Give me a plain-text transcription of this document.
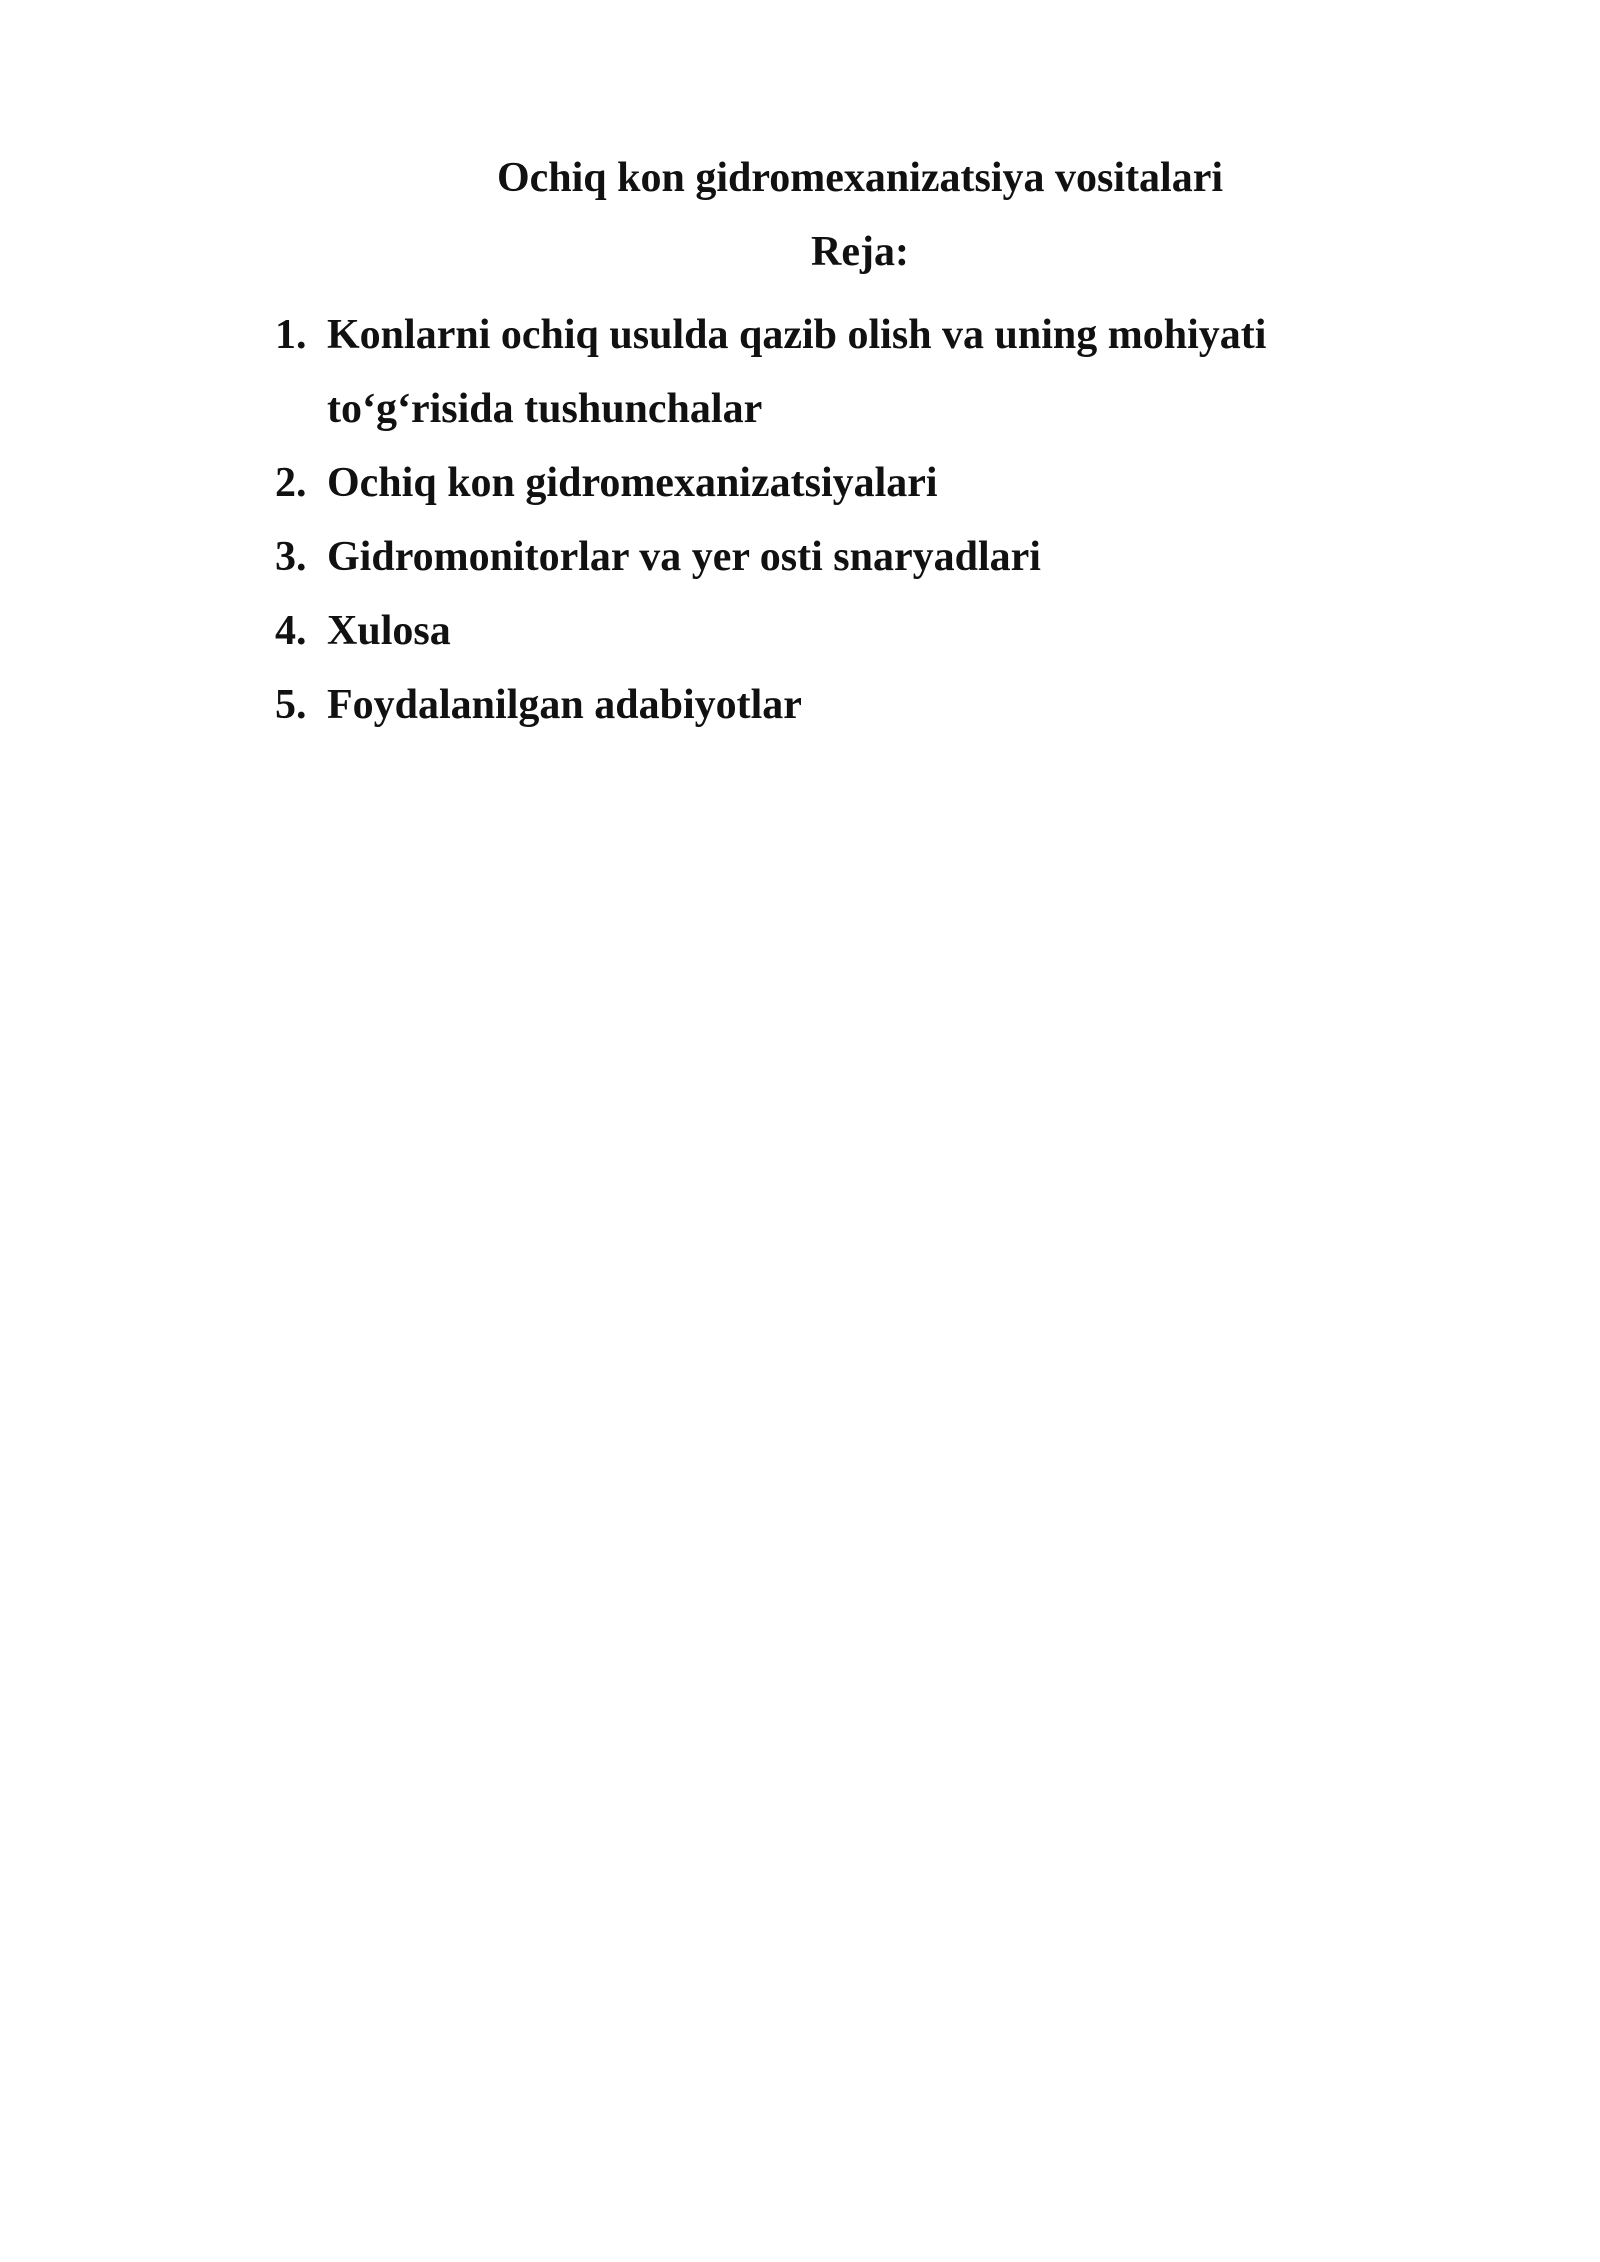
Ochiq kon gidromexanizatsiya vositalari
Reja:
1. Konlarni ochiq usulda qazib olish va uning mohiyati to‘g‘risida tushunchalar
2. Ochiq kon gidromexanizatsiyalari
3. Gidromonitorlar va yer osti snaryadlari
4. Xulosa
5. Foydalanilgan adabiyotlar
